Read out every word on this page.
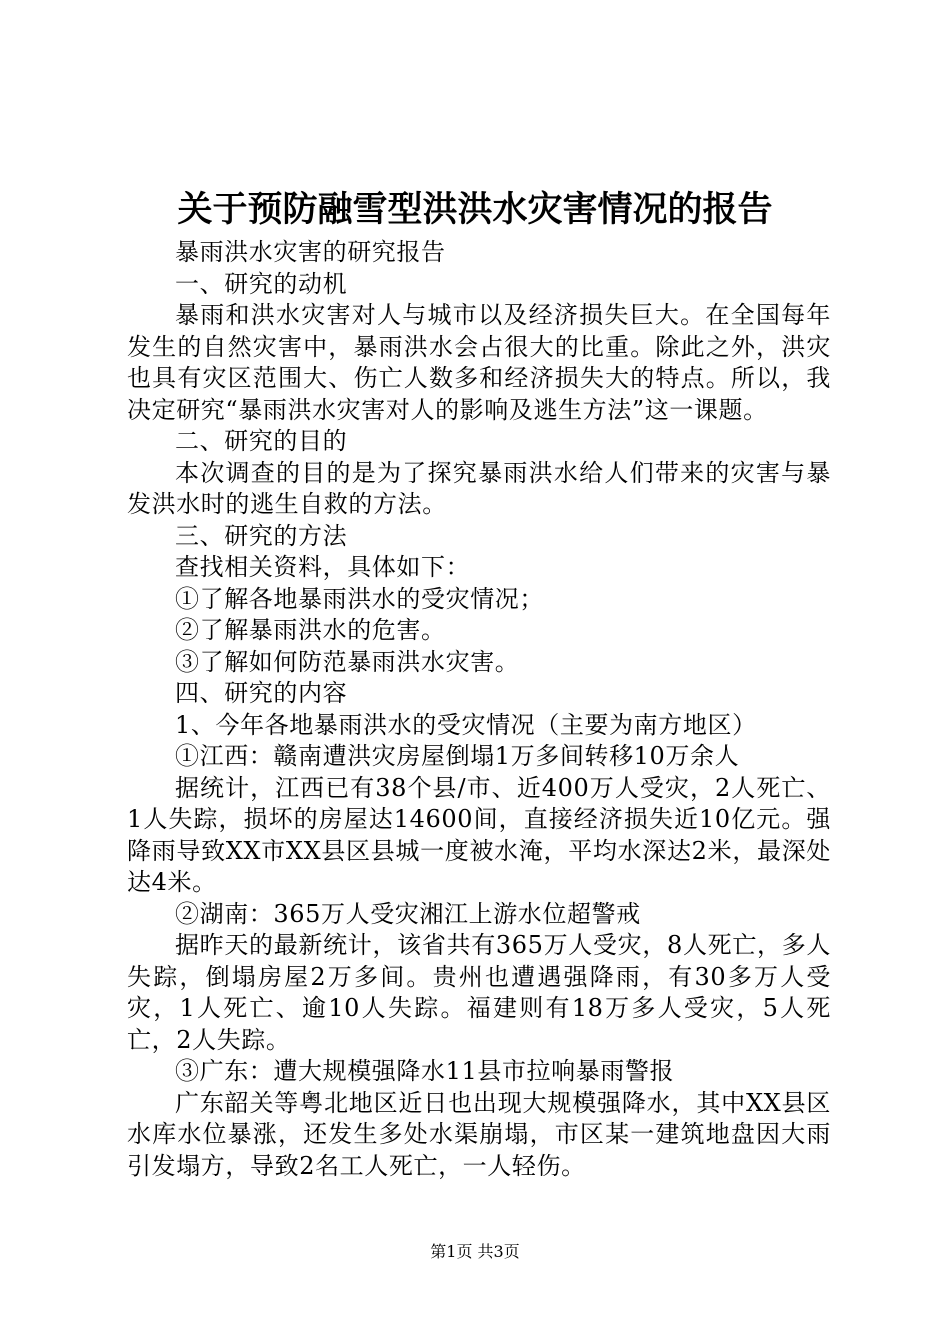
关于预防融雪型洪洪水灾害情况的报告

暴雨洪水灾害的研究报告

一、研究的动机

暴雨和洪水灾害对人与城市以及经济损失巨大。在全国每年发生的自然灾害中，暴雨洪水会占很大的比重。除此之外，洪灾也具有灾区范围大、伤亡人数多和经济损失大的特点。所以，我决定研究“暴雨洪水灾害对人的影响及逃生方法”这一课题。

二、研究的目的

本次调查的目的是为了探究暴雨洪水给人们带来的灾害与暴发洪水时的逃生自救的方法。

三、研究的方法

查找相关资料，具体如下：

①了解各地暴雨洪水的受灾情况；

②了解暴雨洪水的危害。

③了解如何防范暴雨洪水灾害。

四、研究的内容

1、今年各地暴雨洪水的受灾情况（主要为南方地区）

①江西：赣南遭洪灾房屋倒塌1万多间转移10万余人

据统计，江西已有38个县/市、近400万人受灾，2人死亡、1人失踪，损坏的房屋达14600间，直接经济损失近10亿元。强降雨导致XX市XX县区县城一度被水淹，平均水深达2米，最深处达4米。

②湖南：365万人受灾湘江上游水位超警戒

据昨天的最新统计，该省共有365万人受灾，8人死亡，多人失踪，倒塌房屋2万多间。贵州也遭遇强降雨，有30多万人受灾，1人死亡、逾10人失踪。福建则有18万多人受灾，5人死亡，2人失踪。

③广东：遭大规模强降水11县市拉响暴雨警报

广东韶关等粤北地区近日也出现大规模强降水，其中XX县区水库水位暴涨，还发生多处水渠崩塌，市区某一建筑地盘因大雨引发塌方，导致2名工人死亡，一人轻伤。

第1页 共3页
